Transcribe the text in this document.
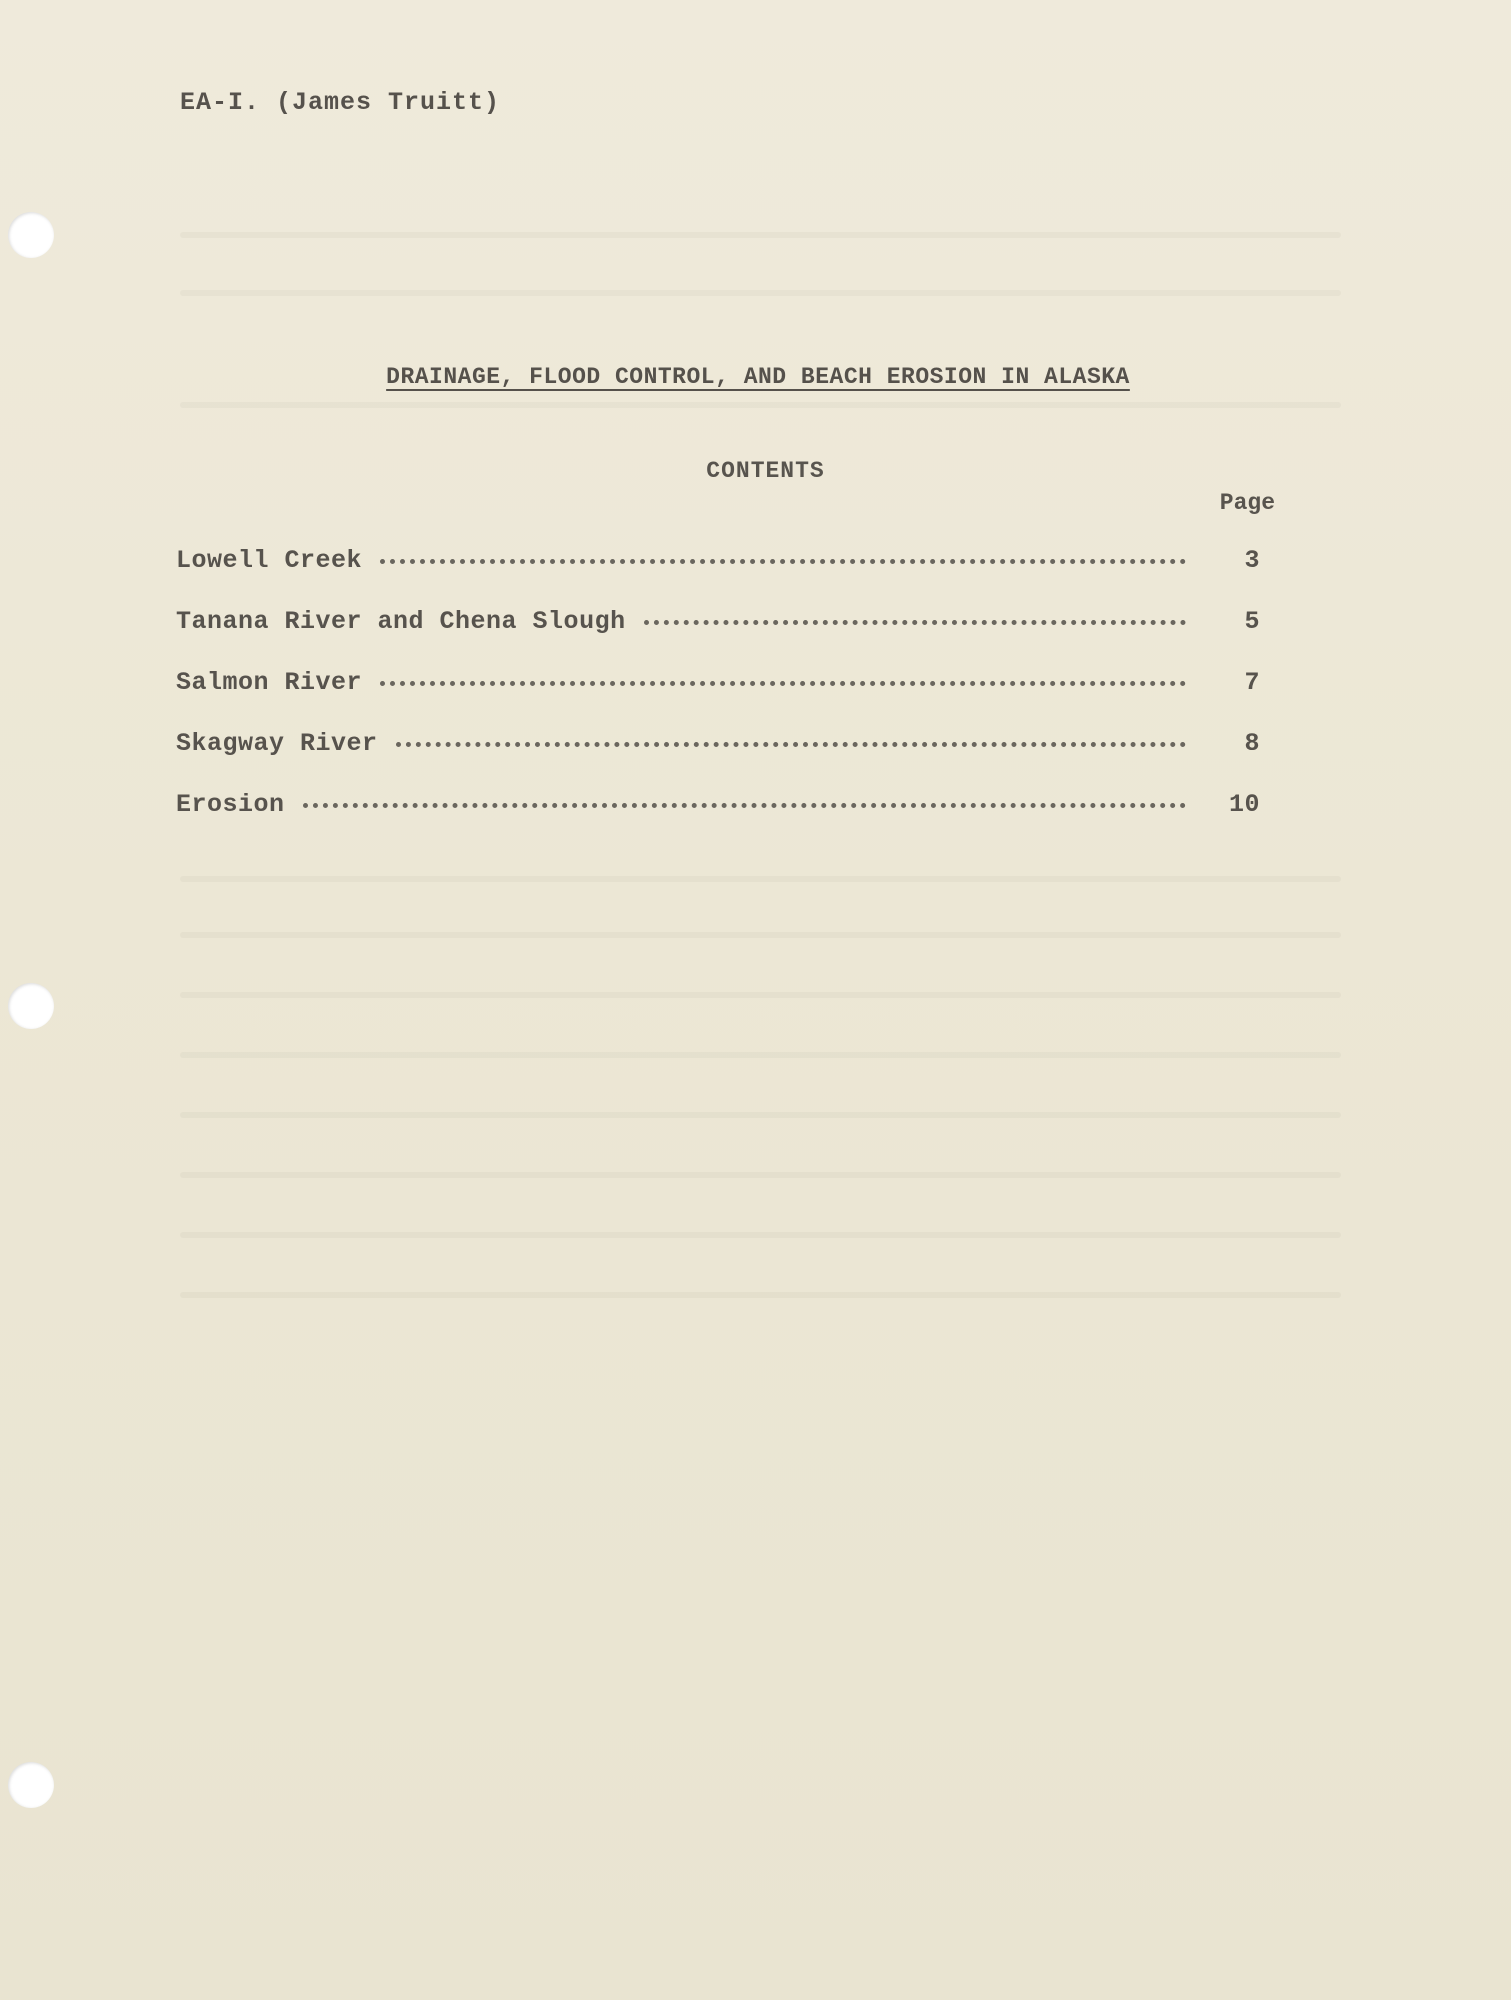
EA-I. (James Truitt)
DRAINAGE, FLOOD CONTROL, AND BEACH EROSION IN ALASKA
CONTENTS
Page
Lowell Creek	3
Tanana River and Chena Slough	5
Salmon River	7
Skagway River	8
Erosion	10
